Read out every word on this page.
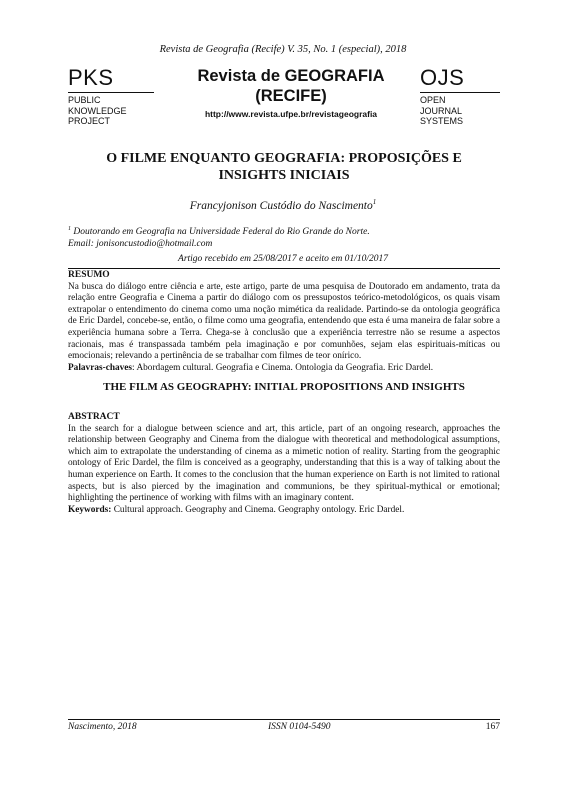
Revista de Geografia (Recife) V. 35, No. 1 (especial), 2018
PKS
PUBLIC
KNOWLEDGE
PROJECT
Revista de GEOGRAFIA
(RECIFE)
http://www.revista.ufpe.br/revistageografia
OJS
OPEN
JOURNAL
SYSTEMS
O FILME ENQUANTO GEOGRAFIA: PROPOSIÇÕES E
INSIGHTS INICIAIS
Francyjonison Custódio do Nascimento$^1$
$^1$ Doutorando em Geografia na Universidade Federal do Rio Grande do Norte.
Email: jonisoncustodio@hotmail.com
Artigo recebido em 25/08/2017 e aceito em 01/10/2017
RESUMO

Na busca do diálogo entre ciência e arte, este artigo, parte de uma pesquisa de Doutorado em andamento, trata da relação entre Geografia e Cinema a partir do diálogo com os pressupostos teórico-metodológicos, os quais visam extrapolar o entendimento do cinema como uma noção mimética da realidade. Partindo-se da ontologia geográfica de Eric Dardel, concebe-se, então, o filme como uma geografia, entendendo que esta é uma maneira de falar sobre a experiência humana sobre a Terra. Chega-se à conclusão que a experiência terrestre não se resume a aspectos racionais, mas é transpassada também pela imaginação e por comunhões, sejam elas espirituais-míticas ou emocionais; relevando a pertinência de se trabalhar com filmes de teor onírico.

Palavras-chaves: Abordagem cultural. Geografia e Cinema. Ontologia da Geografia. Eric Dardel.
THE FILM AS GEOGRAPHY: INITIAL PROPOSITIONS AND INSIGHTS
ABSTRACT

In the search for a dialogue between science and art, this article, part of an ongoing research, approaches the relationship between Geography and Cinema from the dialogue with theoretical and methodological assumptions, which aim to extrapolate the understanding of cinema as a mimetic notion of reality. Starting from the geographic ontology of Eric Dardel, the film is conceived as a geography, understanding that this is a way of talking about the human experience on Earth. It comes to the conclusion that the human experience on Earth is not limited to rational aspects, but is also pierced by the imagination and communions, be they spiritual-mythical or emotional; highlighting the pertinence of working with films with an imaginary content.

Keywords: Cultural approach. Geography and Cinema. Geography ontology. Eric Dardel.
Nascimento, 2018	ISSN 0104-5490	167
